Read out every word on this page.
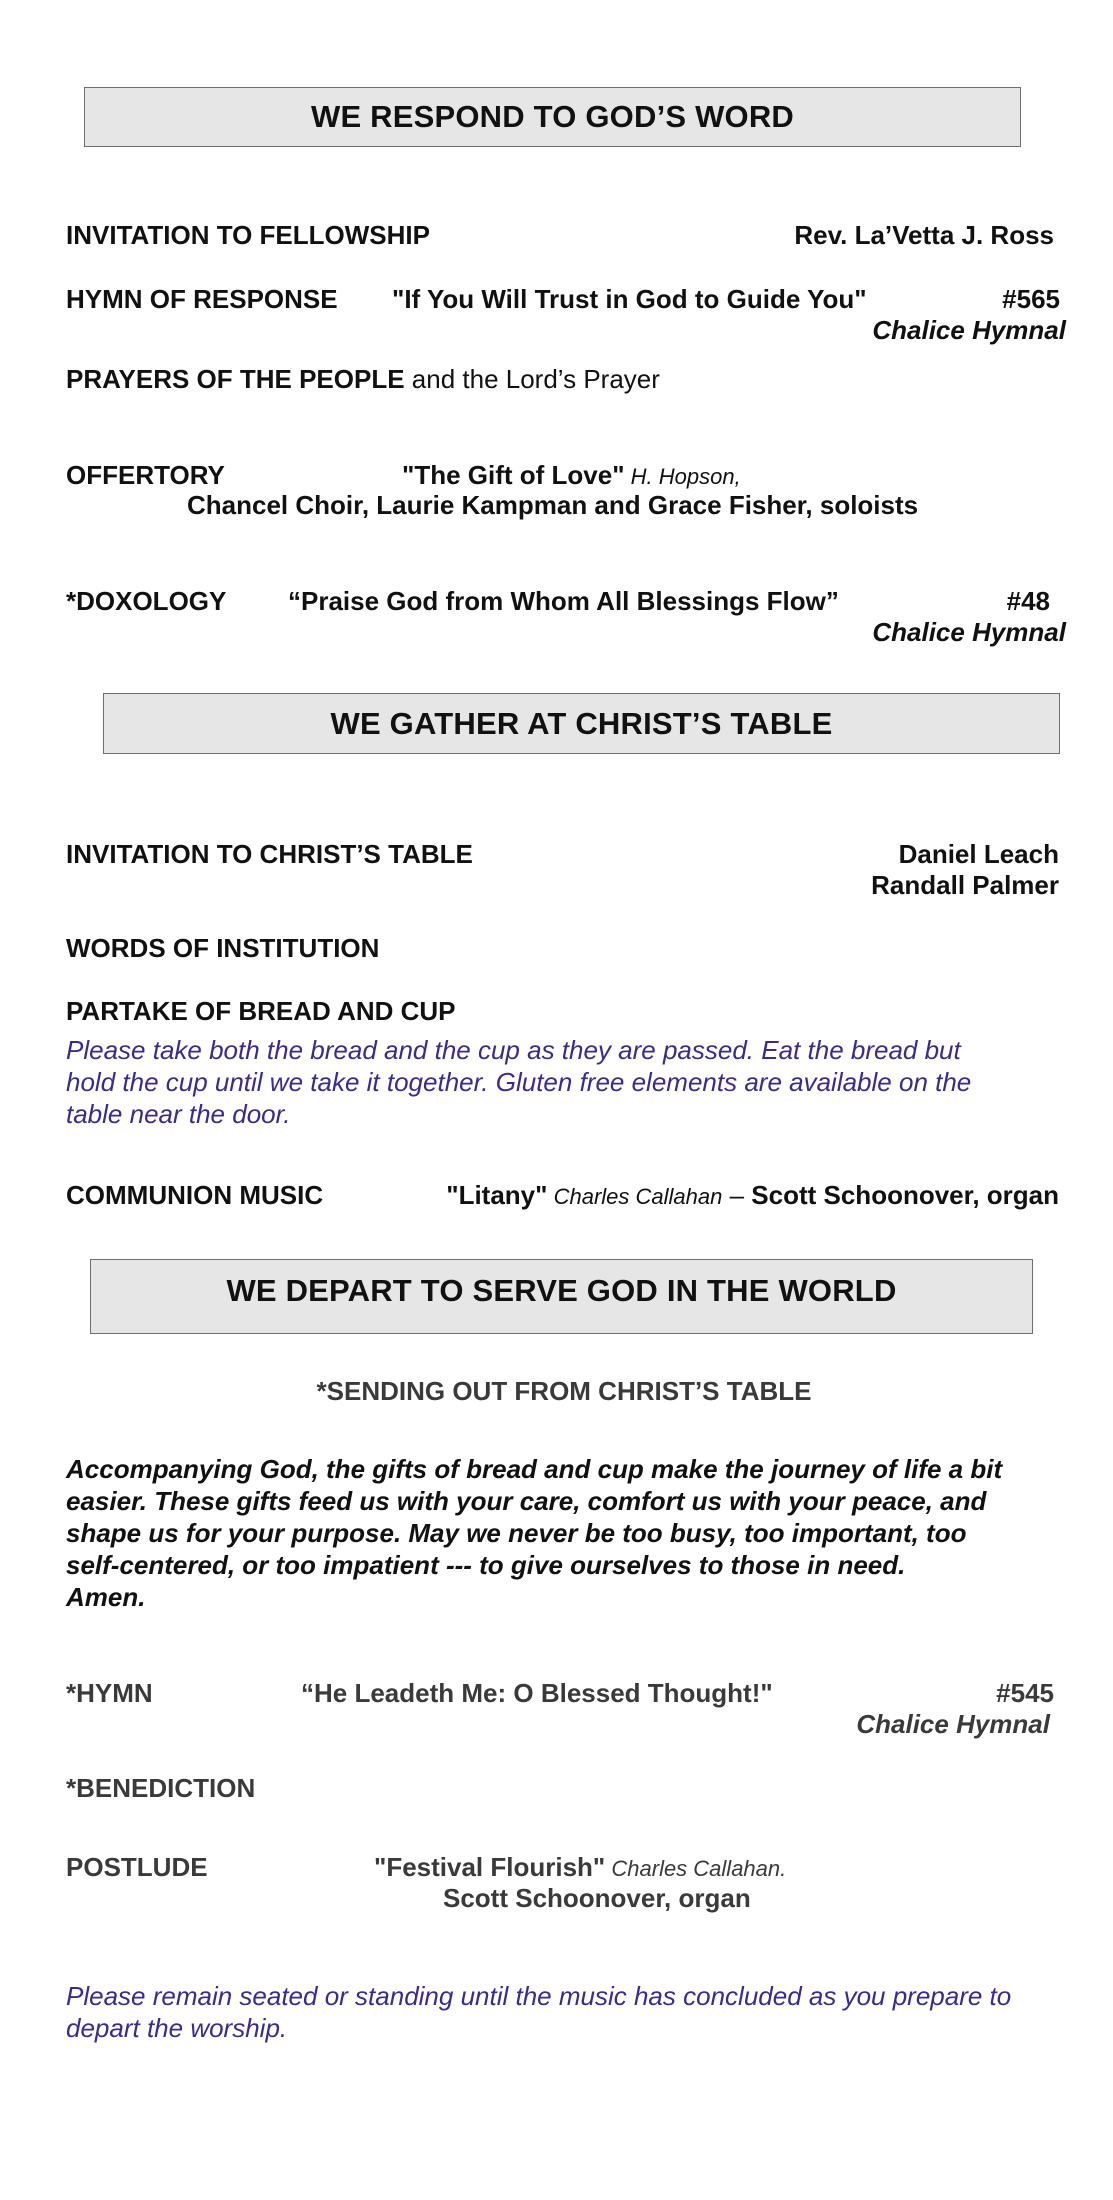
WE RESPOND TO GOD’S WORD
INVITATION TO FELLOWSHIP	Rev. La’Vetta J. Ross
HYMN OF RESPONSE "If You Will Trust in God to Guide You"	#565
Chalice Hymnal
PRAYERS OF THE PEOPLE and the Lord’s Prayer
OFFERTORY	"The Gift of Love" H. Hopson,
Chancel Choir, Laurie Kampman and Grace Fisher, soloists
*DOXOLOGY “Praise God from Whom All Blessings Flow”	#48
Chalice Hymnal
WE GATHER AT CHRIST’S TABLE
INVITATION TO CHRIST’S TABLE	Daniel Leach
Randall Palmer
WORDS OF INSTITUTION
PARTAKE OF BREAD AND CUP
Please take both the bread and the cup as they are passed. Eat the bread but
hold the cup until we take it together. Gluten free elements are available on the
table near the door.
COMMUNION MUSIC	"Litany" Charles Callahan – Scott Schoonover, organ
WE DEPART TO SERVE GOD IN THE WORLD
*SENDING OUT FROM CHRIST’S TABLE
Accompanying God, the gifts of bread and cup make the journey of life a bit
easier. These gifts feed us with your care, comfort us with your peace, and
shape us for your purpose. May we never be too busy, too important, too
self-centered, or too impatient --- to give ourselves to those in need.
Amen.
*HYMN	“He Leadeth Me: O Blessed Thought!"	#545
Chalice Hymnal
*BENEDICTION
POSTLUDE	"Festival Flourish" Charles Callahan.
Scott Schoonover, organ
Please remain seated or standing until the music has concluded as you prepare to
depart the worship.
